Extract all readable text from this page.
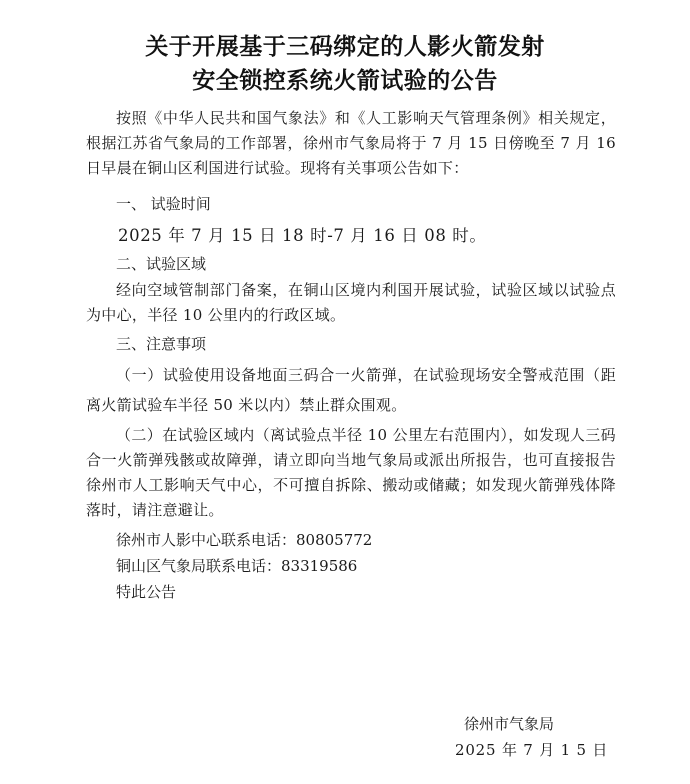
关于开展基于三码绑定的人影火箭发射
安全锁控系统火箭试验的公告
按照《中华人民共和国气象法》和《人工影响天气管理条例》相关规定，根据江苏省气象局的工作部署，徐州市气象局将于 7 月 15 日傍晚至 7 月 16 日早晨在铜山区利国进行试验。现将有关事项公告如下：
一、 试验时间
2025 年 7 月 15 日 18 时-7 月 16 日 08 时。
二、试验区域
经向空域管制部门备案，在铜山区境内利国开展试验，试验区域以试验点为中心，半径 10 公里内的行政区域。
三、注意事项
（一）试验使用设备地面三码合一火箭弹，在试验现场安全警戒范围（距离火箭试验车半径 50 米以内）禁止群众围观。
（二）在试验区域内（离试验点半径 10 公里左右范围内），如发现人三码合一火箭弹残骸或故障弹，请立即向当地气象局或派出所报告，也可直接报告徐州市人工影响天气中心，不可擅自拆除、搬动或储藏；如发现火箭弹残体降落时，请注意避让。
徐州市人影中心联系电话：80805772
铜山区气象局联系电话：83319586
特此公告
徐州市气象局
2025 年 7 月 1 5 日
